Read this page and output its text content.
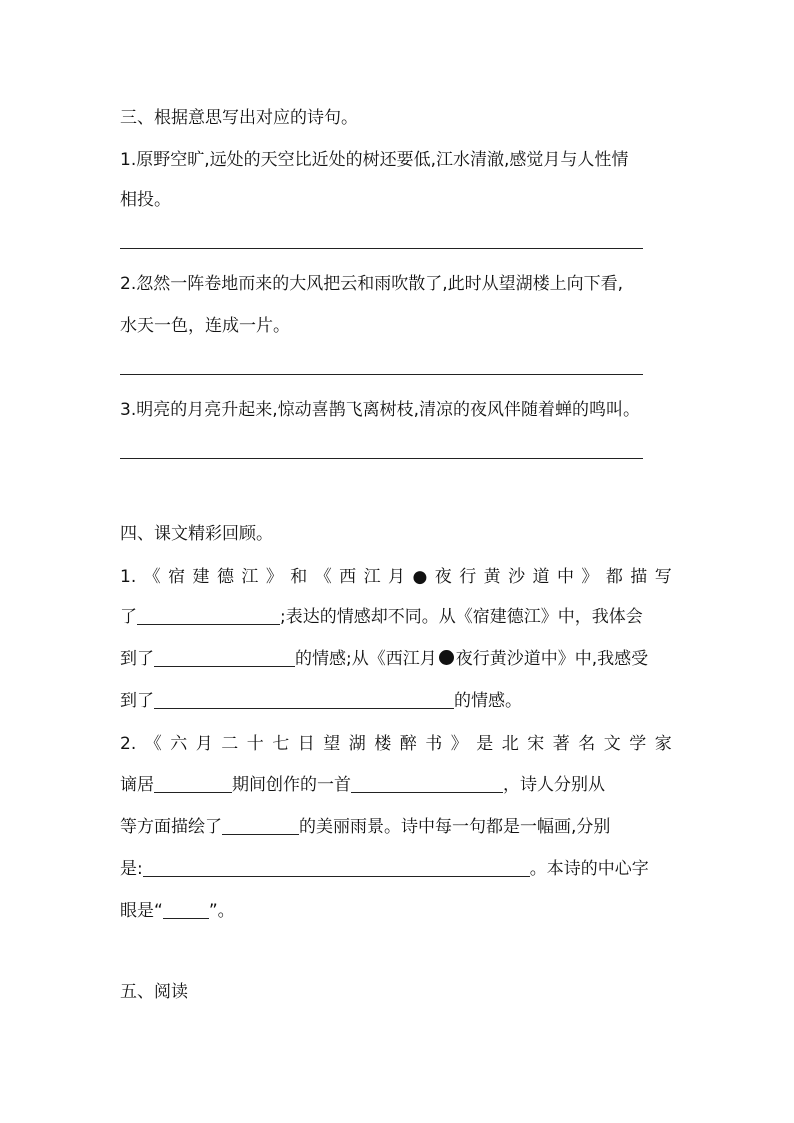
三、根据意思写出对应的诗句。

1.原野空旷,远处的天空比近处的树还要低,江水清澈,感觉月与人性情

相投。

2.忽然一阵卷地而来的大风把云和雨吹散了,此时从望湖楼上向下看,

水天一色，连成一片。

3.明亮的月亮升起来,惊动喜鹊飞离树枝,清凉的夜风伴随着蝉的鸣叫。

四、课文精彩回顾。

1. 《 宿 建 德 江 》 和 《 西 江 月 ● 夜 行 黄 沙 道 中 》 都 描 写

了	;表达的情感却不同。从《宿建德江》中，我体会

到了	的情感;从《西江月 夜行黄沙道中》中,我感受

到了	的情感。

2. 《 六 月 二 十 七 日 望 湖 楼 醉 书 》 是 北 宋 著 名 文 学 家

谪居	期间创作的一首	，诗人分别从

等方面描绘了	的美丽雨景。诗中每一句都是一幅画,分别

是:	。本诗的中心字

眼是“	”。

五、阅读
